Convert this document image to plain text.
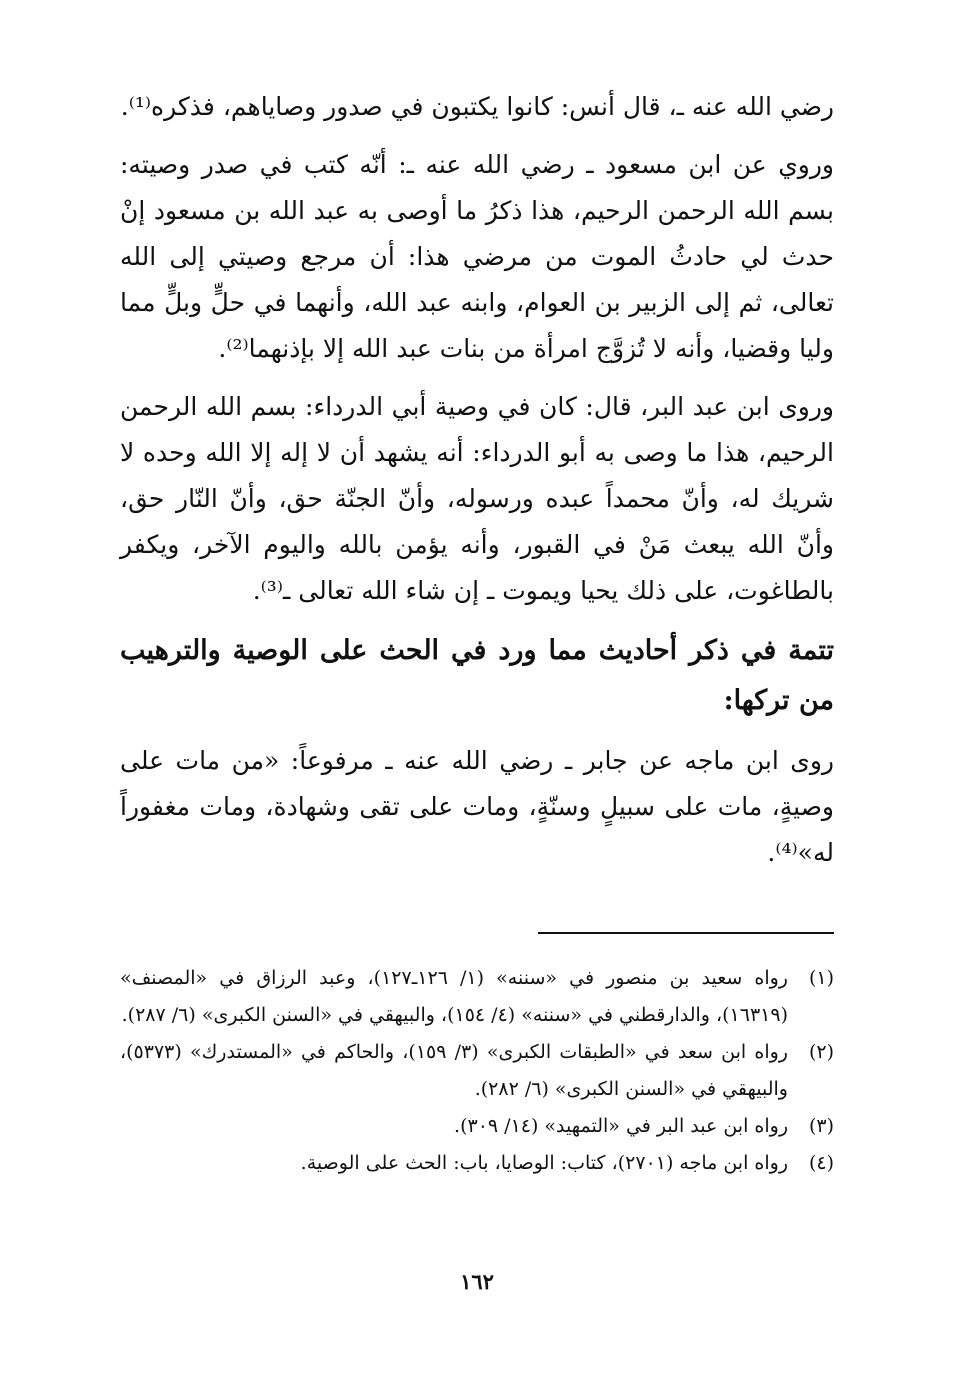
رضي الله عنه ـ، قال أنس: كانوا يكتبون في صدور وصاياهم، فذكره⁽¹⁾.

وروي عن ابن مسعود ـ رضي الله عنه ـ: أنّه كتب في صدر وصيته: بسم الله الرحمن الرحيم، هذا ذكرُ ما أوصى به عبد الله بن مسعود إنْ حدث لي حادثُ الموت من مرضي هذا: أن مرجع وصيتي إلى الله تعالى، ثم إلى الزبير بن العوام، وابنه عبد الله، وأنهما في حلٍّ وبلٍّ مما وليا وقضيا، وأنه لا تُزوَّج امرأة من بنات عبد الله إلا بإذنهما⁽²⁾.

وروى ابن عبد البر، قال: كان في وصية أبي الدرداء: بسم الله الرحمن الرحيم، هذا ما وصى به أبو الدرداء: أنه يشهد أن لا إله إلا الله وحده لا شريك له، وأنّ محمداً عبده ورسوله، وأنّ الجنّة حق، وأنّ النّار حق، وأنّ الله يبعث مَنْ في القبور، وأنه يؤمن بالله واليوم الآخر، ويكفر بالطاغوت، على ذلك يحيا ويموت ـ إن شاء الله تعالى ـ⁽³⁾.

تتمة في ذكر أحاديث مما ورد في الحث على الوصية والترهيب من تركها:

روى ابن ماجه عن جابر ـ رضي الله عنه ـ مرفوعاً: «من مات على وصيةٍ، مات على سبيلٍ وسنّةٍ، ومات على تقى وشهادة، ومات مغفوراً له»⁽⁴⁾.

(١)
رواه سعيد بن منصور في «سننه» (١/ ١٢٦ـ١٢٧)، وعبد الرزاق في «المصنف» (١٦٣١٩)، والدارقطني في «سننه» (٤/ ١٥٤)، والبيهقي في «السنن الكبرى» (٦/ ٢٨٧).
(٢)
رواه ابن سعد في «الطبقات الكبرى» (٣/ ١٥٩)، والحاكم في «المستدرك» (٥٣٧٣)، والبيهقي في «السنن الكبرى» (٦/ ٢٨٢).
(٣)
رواه ابن عبد البر في «التمهيد» (١٤/ ٣٠٩).
(٤)
رواه ابن ماجه (٢٧٠١)، كتاب: الوصايا، باب: الحث على الوصية.
١٦٢
